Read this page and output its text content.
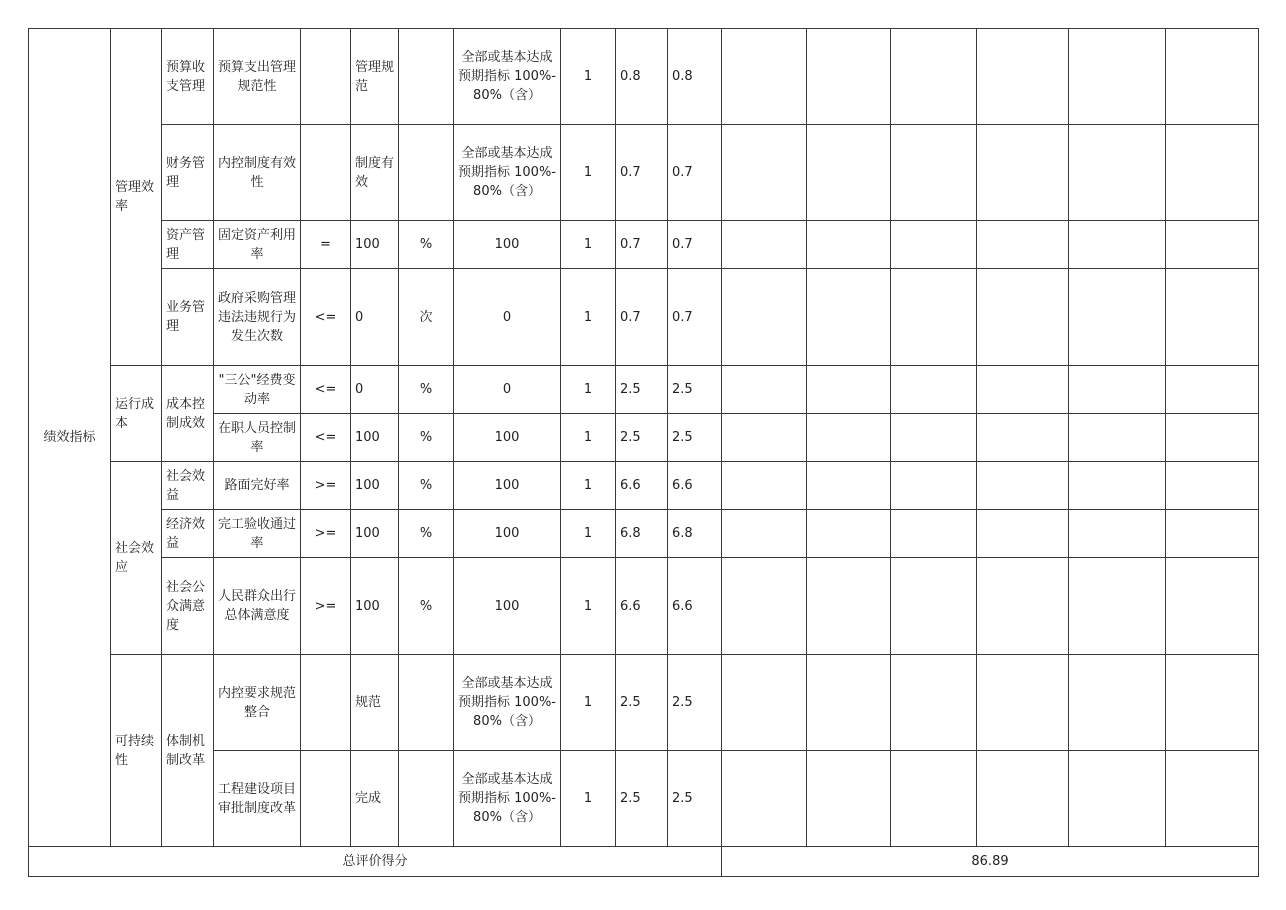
绩效指标	管理效率	预算收支管理	预算支出管理规范性		管理规范		全部或基本达成预期指标 100%-80%（含）	1	0.8	0.8						
		财务管理	内控制度有效性		制度有效		全部或基本达成预期指标 100%-80%（含）	1	0.7	0.7						
		资产管理	固定资产利用率	=	100	%	100	1	0.7	0.7						
		业务管理	政府采购管理违法违规行为发生次数	<=	0	次	0	1	0.7	0.7						
	运行成本	成本控制成效	"三公"经费变动率	<=	0	%	0	1	2.5	2.5						
			在职人员控制率	<=	100	%	100	1	2.5	2.5						
	社会效应	社会效益	路面完好率	>=	100	%	100	1	6.6	6.6						
		经济效益	完工验收通过率	>=	100	%	100	1	6.8	6.8						
		社会公众满意度	人民群众出行总体满意度	>=	100	%	100	1	6.6	6.6						
	可持续性	体制机制改革	内控要求规范整合		规范		全部或基本达成预期指标 100%-80%（含）	1	2.5	2.5						
			工程建设项目审批制度改革		完成		全部或基本达成预期指标 100%-80%（含）	1	2.5	2.5						
总评价得分											86.89					
